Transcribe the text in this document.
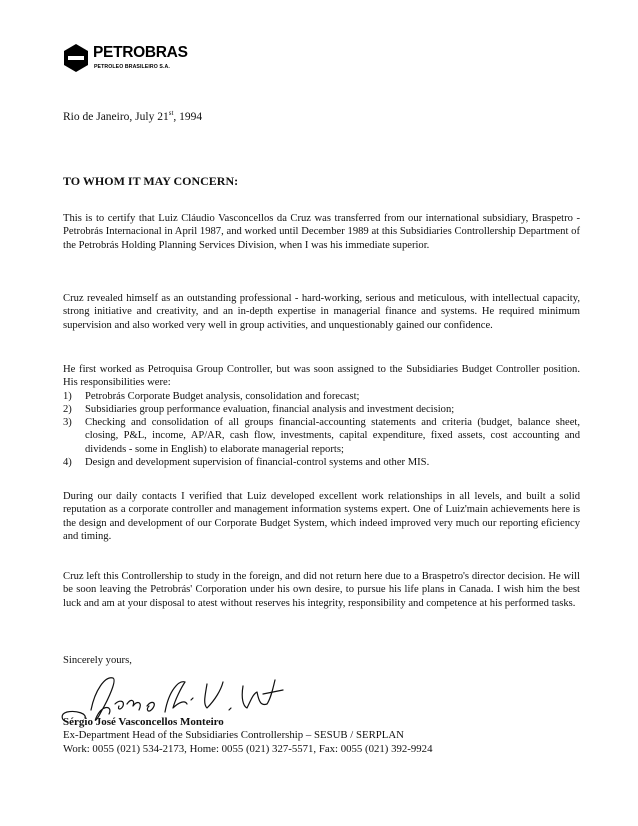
PETROBRAS
PETROLEO BRASILEIRO S.A.
Rio de Janeiro, July 21st, 1994
TO WHOM IT MAY CONCERN:
This is to certify that Luiz Cláudio Vasconcellos da Cruz was transferred from our international subsidiary, Braspetro - Petrobrás Internacional in April 1987, and worked until December 1989 at this Subsidiaries Controllership Department of the Petrobrás Holding Planning Services Division, when I was his immediate superior.
Cruz revealed himself as an outstanding professional - hard-working, serious and meticulous, with intellectual capacity, strong initiative and creativity, and an in-depth expertise in managerial finance and systems. He required minimum supervision and also worked very well in group activities, and unquestionably gained our confidence.
He first worked as Petroquisa Group Controller, but was soon assigned to the Subsidiaries Budget Controller position. His responsibilities were:
1) Petrobrás Corporate Budget analysis, consolidation and forecast;
2) Subsidiaries group performance evaluation, financial analysis and investment decision;
3) Checking and consolidation of all groups financial-accounting statements and criteria (budget, balance sheet, closing, P&L, income, AP/AR, cash flow, investments, capital expenditure, fixed assets, cost accounting and dividends - some in English) to elaborate managerial reports;
4) Design and development supervision of financial-control systems and other MIS.
During our daily contacts I verified that Luiz developed excellent work relationships in all levels, and built a solid reputation as a corporate controller and management information systems expert. One of Luiz'main achievements here is the design and development of our Corporate Budget System, which indeed improved very much our reporting eficiency and timing.
Cruz left this Controllership to study in the foreign, and did not return here due to a Braspetro's director decision. He will be soon leaving the Petrobrás' Corporation under his own desire, to pursue his life plans in Canada. I wish him the best luck and am at your disposal to atest without reserves his integrity, responsibility and competence at his performed tasks.
Sincerely yours,
Sérgio José Vasconcellos Monteiro
Ex-Department Head of the Subsidiaries Controllership – SESUB / SERPLAN
Work: 0055 (021) 534-2173, Home: 0055 (021) 327-5571, Fax: 0055 (021) 392-9924
